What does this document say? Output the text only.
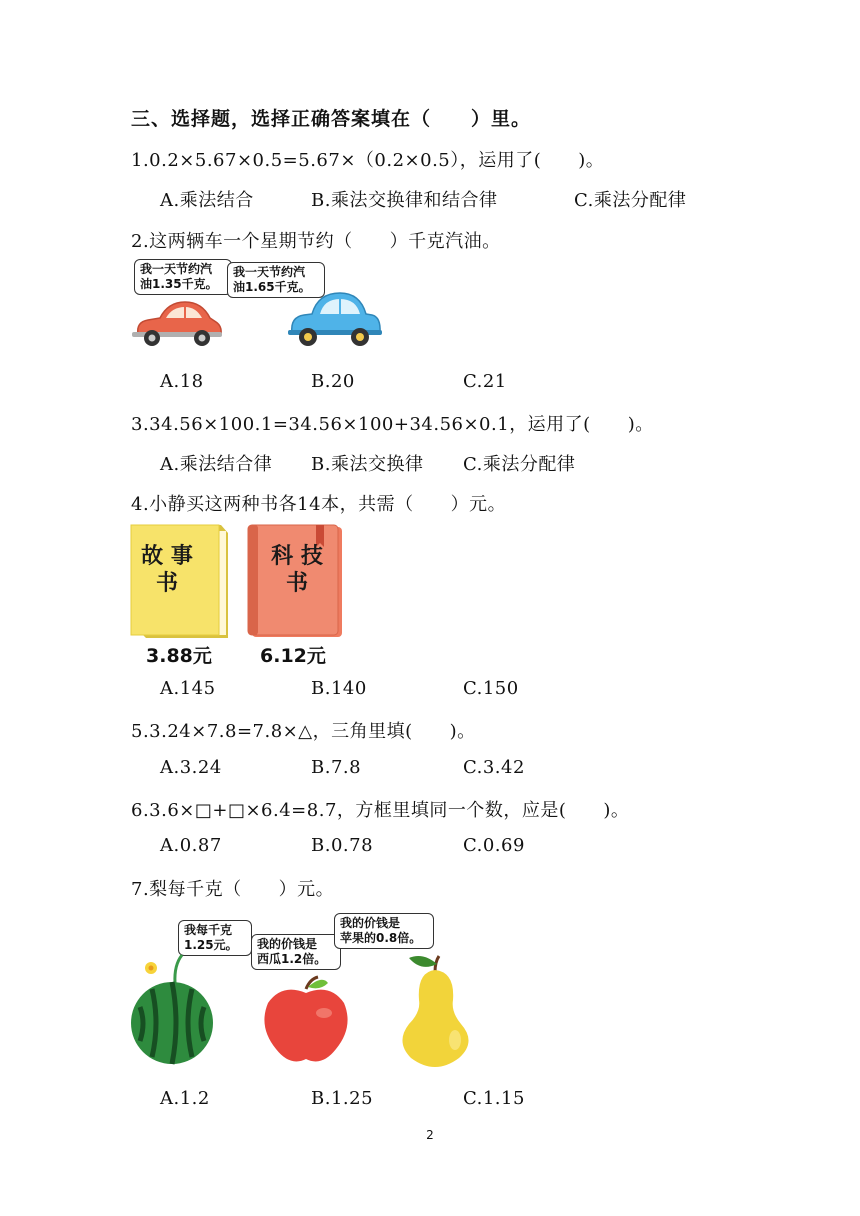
三、选择题，选择正确答案填在（　　）里。
1.0.2×5.67×0.5=5.67×（0.2×0.5），运用了(　　)。
A.乘法结合	B.乘法交换律和结合律	C.乘法分配律
2.这两辆车一个星期节约（　　）千克汽油。
我一天节约汽
油1.35千克。
我一天节约汽
油1.65千克。
A.18	B.20	C.21
3.34.56×100.1=34.56×100+34.56×0.1，运用了(　　)。
A.乘法结合律 B.乘法交换律 C.乘法分配律
4.小静买这两种书各14本，共需（　　）元。
故 事 书
3.88元
科 技 书
6.12元
A.145	B.140	C.150
5.3.24×7.8=7.8×△，三角里填(　　)。
A.3.24	B.7.8	C.3.42
6.3.6×□+□×6.4=8.7，方框里填同一个数，应是(　　)。
A.0.87	B.0.78	C.0.69
7.梨每千克（　　）元。
我每千克
1.25元。	我的价钱是
西瓜1.2倍。
我的价钱是
苹果的0.8倍。
A.1.2	B.1.25	C.1.15
2
